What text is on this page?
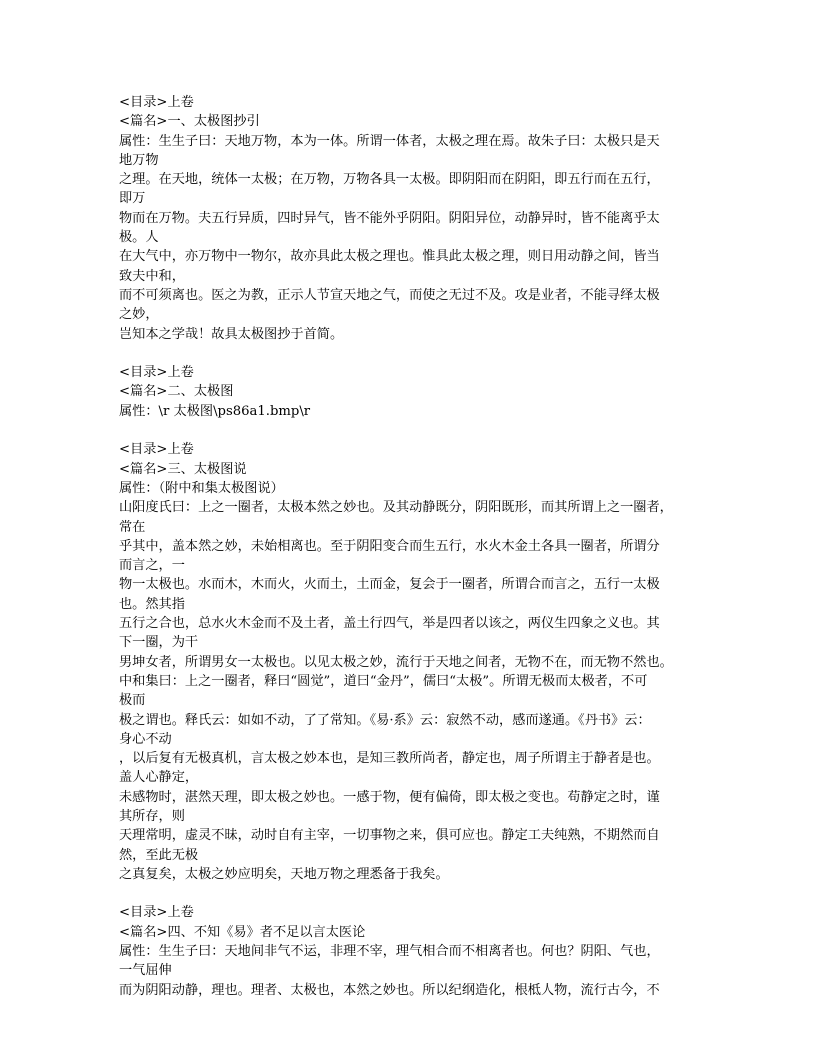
<目录>上卷
<篇名>一、太极图抄引
属性：生生子曰：天地万物，本为一体。所谓一体者，太极之理在焉。故朱子曰：太极只是天
地万物
之理。在天地，统体一太极；在万物，万物各具一太极。即阴阳而在阴阳，即五行而在五行，
即万
物而在万物。夫五行异质，四时异气，皆不能外乎阴阳。阴阳异位，动静异时，皆不能离乎太
极。人
在大气中，亦万物中一物尔，故亦具此太极之理也。惟具此太极之理，则日用动静之间，皆当
致夫中和，
而不可须离也。医之为教，正示人节宣天地之气，而使之无过不及。攻是业者，不能寻绎太极
之妙，
岂知本之学哉！故具太极图抄于首简。
<目录>上卷
<篇名>二、太极图
属性：\r 太极图\ps86a1.bmp\r
<目录>上卷
<篇名>三、太极图说
属性：（附中和集太极图说）
山阳度氏曰：上之一圈者，太极本然之妙也。及其动静既分，阴阳既形，而其所谓上之一圈者，
常在
乎其中，盖本然之妙，未始相离也。至于阴阳变合而生五行，水火木金土各具一圈者，所谓分
而言之，一
物一太极也。水而木，木而火，火而土，土而金，复会于一圈者，所谓合而言之，五行一太极
也。然其指
五行之合也，总水火木金而不及土者，盖土行四气，举是四者以该之，两仪生四象之义也。其
下一圈，为干
男坤女者，所谓男女一太极也。以见太极之妙，流行于天地之间者，无物不在，而无物不然也。
中和集曰：上之一圈者，释曰“圆觉”，道曰“金丹”，儒曰“太极”。所谓无极而太极者，不可
极而
极之谓也。释氏云：如如不动，了了常知。《易·系》云：寂然不动，感而遂通。《丹书》云：
身心不动
，以后复有无极真机，言太极之妙本也，是知三教所尚者，静定也，周子所谓主于静者是也。
盖人心静定，
未感物时，湛然天理，即太极之妙也。一感于物，便有偏倚，即太极之变也。苟静定之时，谨
其所存，则
天理常明，虚灵不昧，动时自有主宰，一切事物之来，俱可应也。静定工夫纯熟，不期然而自
然，至此无极
之真复矣，太极之妙应明矣，天地万物之理悉备于我矣。
<目录>上卷
<篇名>四、不知《易》者不足以言太医论
属性：生生子曰：天地间非气不运，非理不宰，理气相合而不相离者也。何也？阴阳、气也，
一气屈伸
而为阴阳动静，理也。理者、太极也，本然之妙也。所以纪纲造化，根柢人物，流行古今，不
